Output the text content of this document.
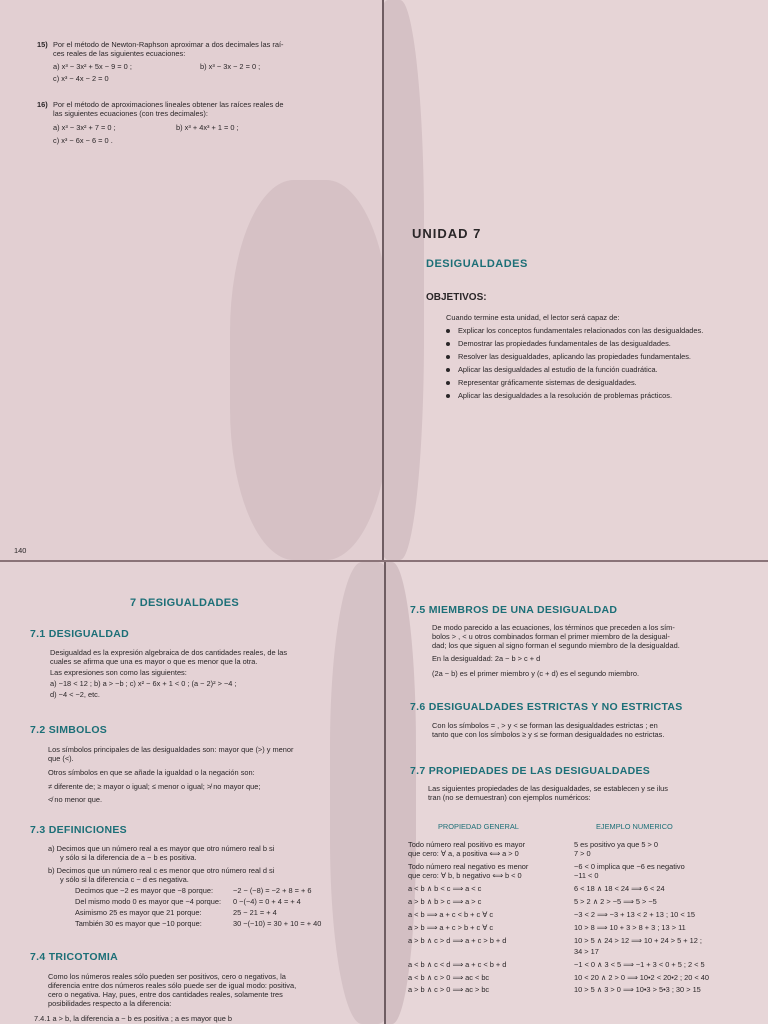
15) Por el método de Newton-Raphson aproximar a dos decimales las raí-
ces reales de las siguientes ecuaciones:
a) x³ − 3x² + 5x − 9 = 0 ;	b) x³ − 3x − 2 = 0 ;
c) x³ − 4x − 2 = 0
16) Por el método de aproximaciones lineales obtener las raíces reales de
las siguientes ecuaciones (con tres decimales):
a) x³ − 3x² + 7 = 0 ;	b) x³ + 4x³ + 1 = 0 ;
c) x³ − 6x − 6 = 0 .
140
UNIDAD 7
DESIGUALDADES
OBJETIVOS:
Cuando termine esta unidad, el lector será capaz de:
Explicar los conceptos fundamentales relacionados con las desigualdades.
Demostrar las propiedades fundamentales de las desigualdades.
Resolver las desigualdades, aplicando las propiedades fundamentales.
Aplicar las desigualdades al estudio de la función cuadrática.
Representar gráficamente sistemas de desigualdades.
Aplicar las desigualdades a la resolución de problemas prácticos.
7 DESIGUALDADES
7.1 DESIGUALDAD
Desigualdad es la expresión algebraica de dos cantidades reales, de las
cuales se afirma que una es mayor o que es menor que la otra.
Las expresiones son como las siguientes:
a) −18 < 12 ; b) a > −b ; c) x² − 6x + 1 < 0 ; (a − 2)² > −4 ;
d) −4 < −2, etc.
7.2 SIMBOLOS
Los símbolos principales de las desigualdades son: mayor que (>) y menor
que (<).
Otros símbolos en que se añade la igualdad o la negación son:
≠ diferente de; ≥ mayor o igual; ≤ menor o igual; ≯ no mayor que;
≮ no menor que.
7.3 DEFINICIONES
a) Decimos que un número real a es mayor que otro número real b si
y sólo si la diferencia de a − b es positiva.
b) Decimos que un número real c es menor que otro número real d si
y sólo si la diferencia c − d es negativa.
Decimos que −2 es mayor que −8 porque:	−2 − (−8) = −2 + 8 = + 6
Del mismo modo 0 es mayor que −4 porque: 0 −(−4) = 0 + 4 = + 4
Asimismo 25 es mayor que 21 porque:	25 − 21 = + 4
También 30 es mayor que −10 porque:	30 −(−10) = 30 + 10 = + 40
7.4 TRICOTOMIA
Como los números reales sólo pueden ser positivos, cero o negativos, la
diferencia entre dos números reales sólo puede ser de igual modo: positiva,
cero o negativa. Hay, pues, entre dos cantidades reales, solamente tres
posibilidades respecto a la diferencia:
7.4.1 a > b, la diferencia a − b es positiva ; a es mayor que b
7.5 MIEMBROS DE UNA DESIGUALDAD
De modo parecido a las ecuaciones, los términos que preceden a los sím-
bolos > , < u otros combinados forman el primer miembro de la desigual-
dad; los que siguen al signo forman el segundo miembro de la desigualdad.
En la desigualdad: 2a − b > c + d
(2a − b) es el primer miembro y (c + d) es el segundo miembro.
7.6 DESIGUALDADES ESTRICTAS Y NO ESTRICTAS
Con los símbolos = , > y < se forman las desigualdades estrictas ; en
tanto que con los símbolos ≥ y ≤ se forman desigualdades no estrictas.
7.7 PROPIEDADES DE LAS DESIGUALDADES
Las siguientes propiedades de las desigualdades, se establecen y se ilus
tran (no se demuestran) con ejemplos numéricos:
PROPIEDAD GENERAL	EJEMPLO NUMERICO
Todo número real positivo es mayor	5 es positivo ya que 5 > 0
que cero: ∀ a, a positiva ⟺ a > 0	7 > 0
Todo número real negativo es menor	−6 < 0 implica que −6 es negativo
que cero: ∀ b, b negativo ⟺ b < 0	−11 < 0
a < b ∧ b < c ⟹ a < c	6 < 18 ∧ 18 < 24 ⟹ 6 < 24
a > b ∧ b > c ⟹ a > c	5 > 2 ∧ 2 > −5 ⟹ 5 > −5
a < b ⟹ a + c < b + c ∀ c	−3 < 2 ⟹ −3 + 13 < 2 + 13 ; 10 < 15
a > b ⟹ a + c > b + c ∀ c	10 > 8 ⟹ 10 + 3 > 8 + 3 ; 13 > 11
a > b ∧ c > d ⟹ a + c > b + d	10 > 5 ∧ 24 > 12 ⟹ 10 + 24 > 5 + 12 ;
34 > 17
a < b ∧ c < d ⟹ a + c < b + d	−1 < 0 ∧ 3 < 5 ⟹ −1 + 3 < 0 + 5 ; 2 < 5
a < b ∧ c > 0 ⟹ ac < bc	10 < 20 ∧ 2 > 0 ⟹ 10•2 < 20•2 ; 20 < 40
a > b ∧ c > 0 ⟹ ac > bc	10 > 5 ∧ 3 > 0 ⟹ 10•3 > 5•3 ; 30 > 15
